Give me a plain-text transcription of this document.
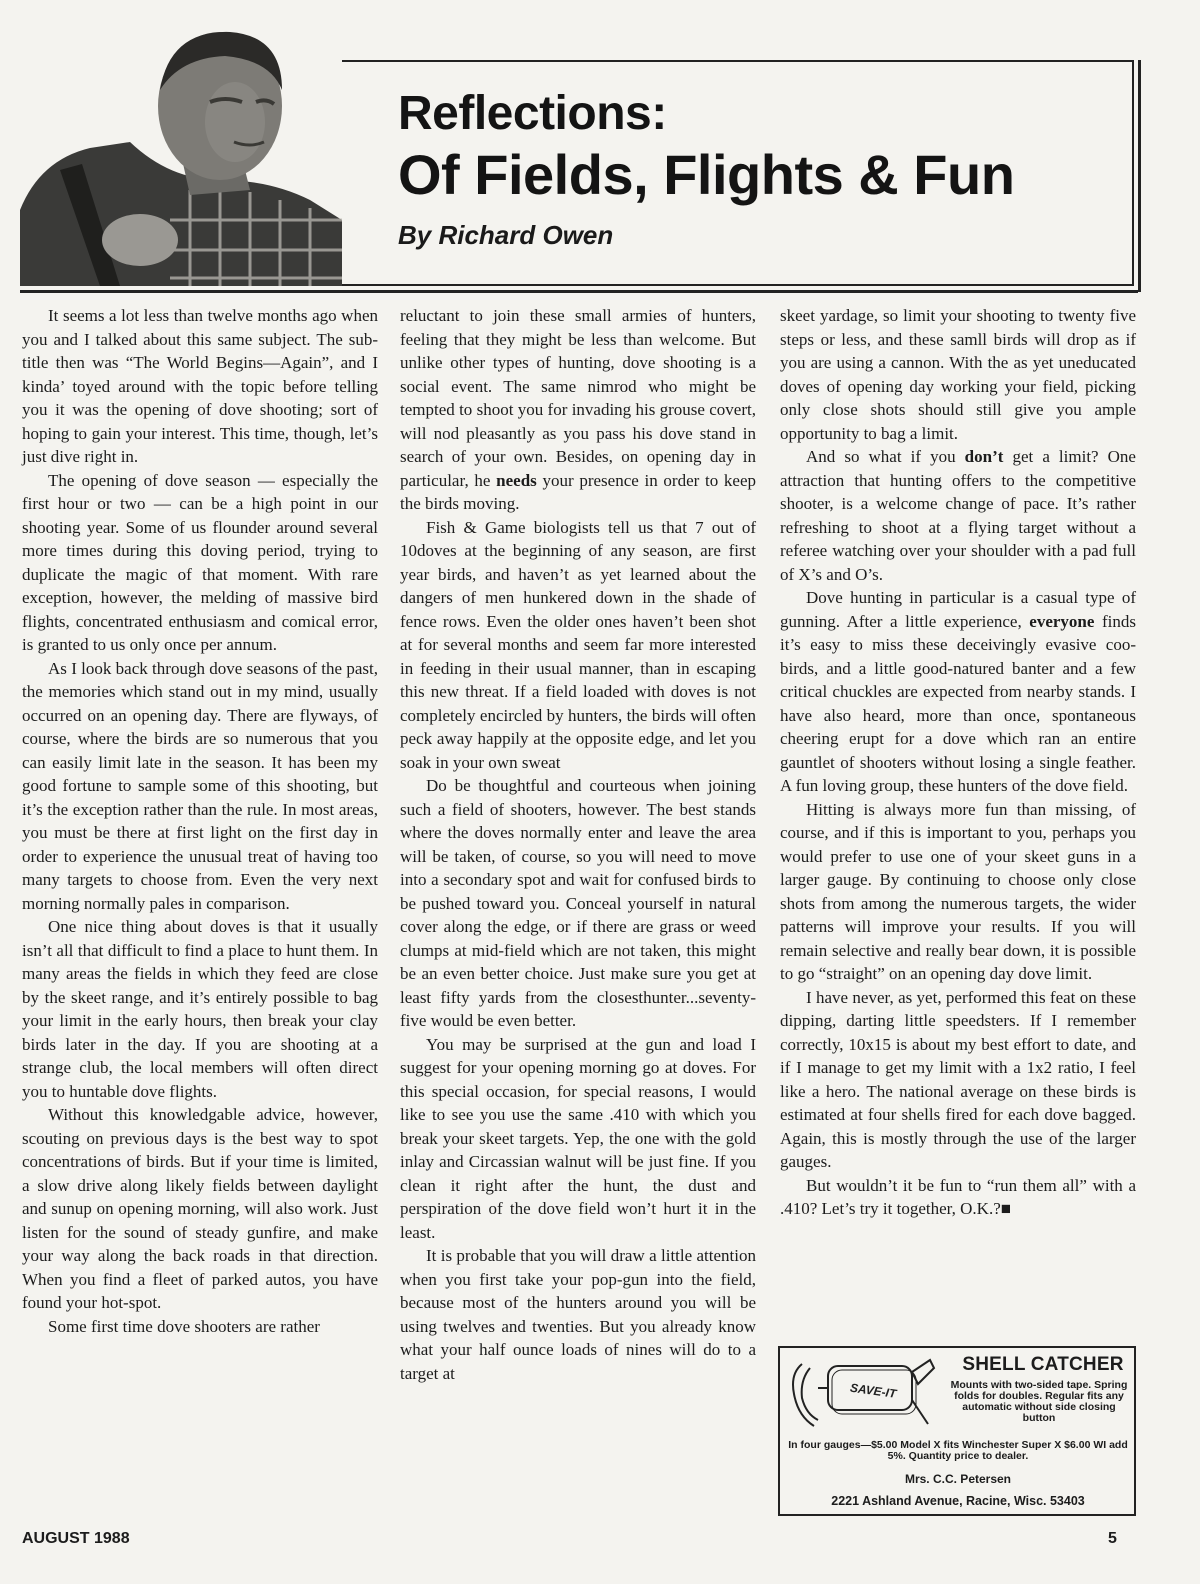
Reflections:
Of Fields, Flights & Fun
By Richard Owen

It seems a lot less than twelve months ago when you and I talked about this same subject. The sub-title then was “The World Begins—Again”, and I kinda’ toyed around with the topic before telling you it was the opening of dove shooting; sort of hoping to gain your interest. This time, though, let’s just dive right in.

The opening of dove season — especially the first hour or two — can be a high point in our shooting year. Some of us flounder around several more times during this doving period, trying to duplicate the magic of that moment. With rare exception, however, the melding of massive bird flights, concentrated enthusiasm and comical error, is granted to us only once per annum.

As I look back through dove seasons of the past, the memories which stand out in my mind, usually occurred on an opening day. There are flyways, of course, where the birds are so numerous that you can easily limit late in the season. It has been my good fortune to sample some of this shooting, but it’s the exception rather than the rule. In most areas, you must be there at first light on the first day in order to experience the unusual treat of having too many targets to choose from. Even the very next morning normally pales in comparison.

One nice thing about doves is that it usually isn’t all that difficult to find a place to hunt them. In many areas the fields in which they feed are close by the skeet range, and it’s entirely possible to bag your limit in the early hours, then break your clay birds later in the day. If you are shooting at a strange club, the local members will often direct you to huntable dove flights.

Without this knowledgable advice, however, scouting on previous days is the best way to spot concentrations of birds. But if your time is limited, a slow drive along likely fields between daylight and sunup on opening morning, will also work. Just listen for the sound of steady gunfire, and make your way along the back roads in that direction. When you find a fleet of parked autos, you have found your hot-spot.

Some first time dove shooters are rather

reluctant to join these small armies of hunters, feeling that they might be less than welcome. But unlike other types of hunting, dove shooting is a social event. The same nimrod who might be tempted to shoot you for invading his grouse covert, will nod pleasantly as you pass his dove stand in search of your own. Besides, on opening day in particular, he needs your presence in order to keep the birds moving.

Fish & Game biologists tell us that 7 out of 10doves at the beginning of any season, are first year birds, and haven’t as yet learned about the dangers of men hunkered down in the shade of fence rows. Even the older ones haven’t been shot at for several months and seem far more interested in feeding in their usual manner, than in escaping this new threat. If a field loaded with doves is not completely encircled by hunters, the birds will often peck away happily at the opposite edge, and let you soak in your own sweat

Do be thoughtful and courteous when joining such a field of shooters, however. The best stands where the doves normally enter and leave the area will be taken, of course, so you will need to move into a secondary spot and wait for confused birds to be pushed toward you. Conceal yourself in natural cover along the edge, or if there are grass or weed clumps at mid-field which are not taken, this might be an even better choice. Just make sure you get at least fifty yards from the closesthunter...seventy-five would be even better.

You may be surprised at the gun and load I suggest for your opening morning go at doves. For this special occasion, for special reasons, I would like to see you use the same .410 with which you break your skeet targets. Yep, the one with the gold inlay and Circassian walnut will be just fine. If you clean it right after the hunt, the dust and perspiration of the dove field won’t hurt it in the least.

It is probable that you will draw a little attention when you first take your pop-gun into the field, because most of the hunters around you will be using twelves and twenties. But you already know what your half ounce loads of nines will do to a target at

skeet yardage, so limit your shooting to twenty five steps or less, and these samll birds will drop as if you are using a cannon. With the as yet uneducated doves of opening day working your field, picking only close shots should still give you ample opportunity to bag a limit.

And so what if you don’t get a limit? One attraction that hunting offers to the competitive shooter, is a welcome change of pace. It’s rather refreshing to shoot at a flying target without a referee watching over your shoulder with a pad full of X’s and O’s.

Dove hunting in particular is a casual type of gunning. After a little experience, everyone finds it’s easy to miss these deceivingly evasive coo-birds, and a little good-natured banter and a few critical chuckles are expected from nearby stands. I have also heard, more than once, spontaneous cheering erupt for a dove which ran an entire gauntlet of shooters without losing a single feather. A fun loving group, these hunters of the dove field.

Hitting is always more fun than missing, of course, and if this is important to you, perhaps you would prefer to use one of your skeet guns in a larger gauge. By continuing to choose only close shots from among the numerous targets, the wider patterns will improve your results. If you will remain selective and really bear down, it is possible to go “straight” on an opening day dove limit.

I have never, as yet, performed this feat on these dipping, darting little speedsters. If I remember correctly, 10x15 is about my best effort to date, and if I manage to get my limit with a 1x2 ratio, I feel like a hero. The national average on these birds is estimated at four shells fired for each dove bagged. Again, this is mostly through the use of the larger gauges.

But wouldn’t it be fun to “run them all” with a .410? Let’s try it together, O.K.?■

SAVE-IT
SHELL CATCHER
Mounts with two-sided tape. Spring folds for doubles. Regular fits any automatic without side closing button
In four gauges—$5.00 Model X fits Winchester Super X $6.00 WI add 5%. Quantity price to dealer.
Mrs. C.C. Petersen
2221 Ashland Avenue, Racine, Wisc. 53403
AUGUST 1988	5
